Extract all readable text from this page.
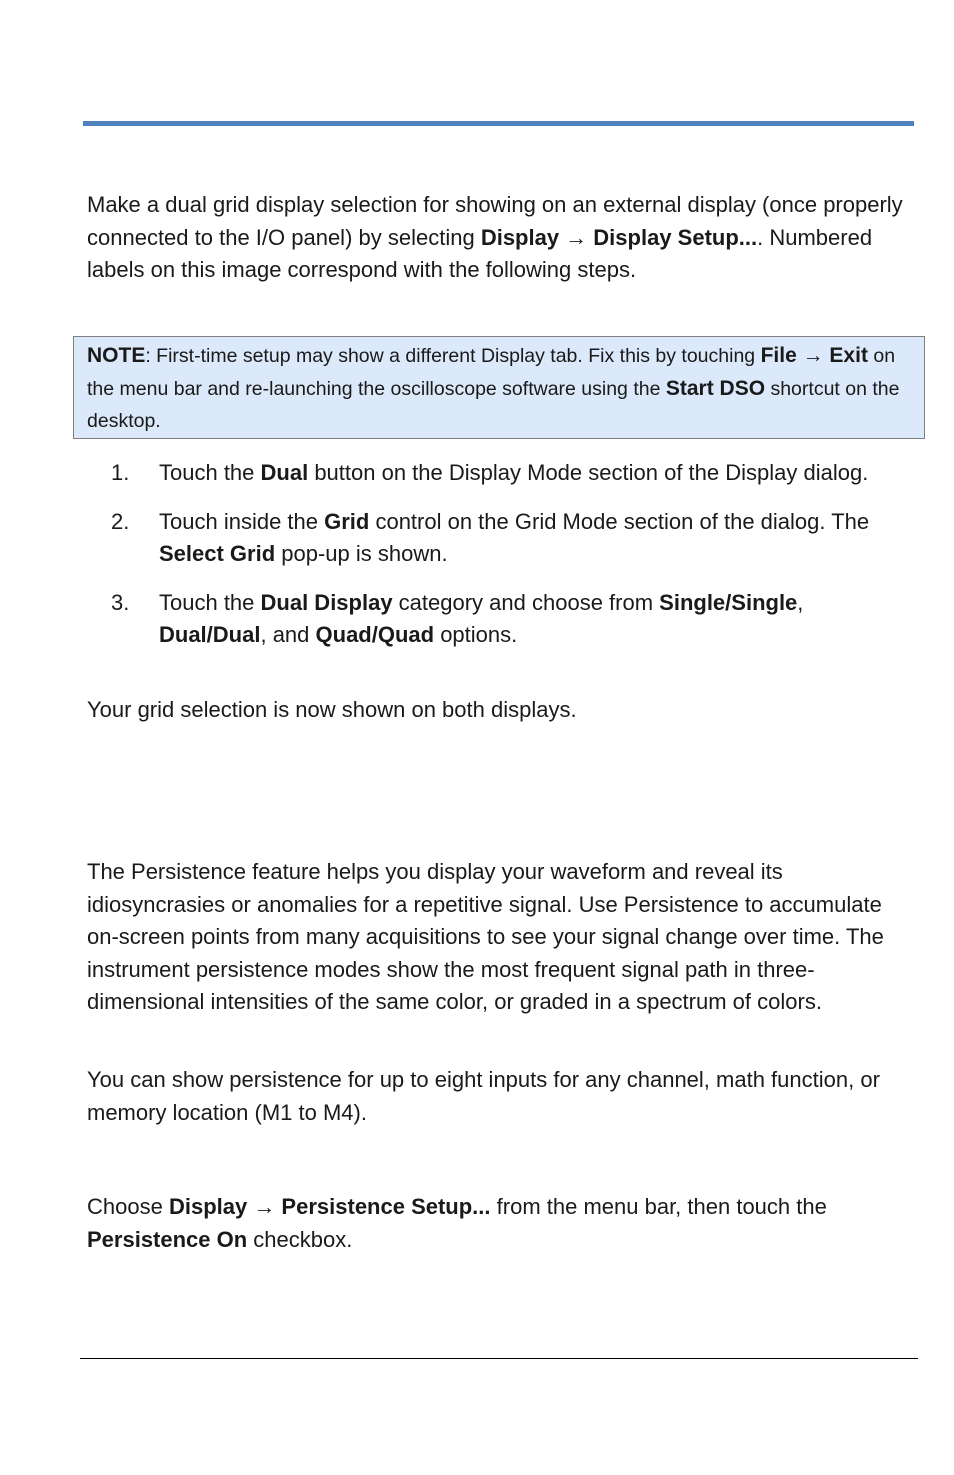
Make a dual grid display selection for showing on an external display (once properly connected to the I/O panel) by selecting Display → Display Setup.... Numbered labels on this image correspond with the following steps.

NOTE: First-time setup may show a different Display tab. Fix this by touching File → Exit on the menu bar and re-launching the oscilloscope software using the Start DSO shortcut on the desktop.
1. Touch the Dual button on the Display Mode section of the Display dialog.
2. Touch inside the Grid control on the Grid Mode section of the dialog. The Select Grid pop-up is shown.
3. Touch the Dual Display category and choose from Single/Single, Dual/Dual, and Quad/Quad options.

Your grid selection is now shown on both displays.

The Persistence feature helps you display your waveform and reveal its idiosyncrasies or anomalies for a repetitive signal. Use Persistence to accumulate on-screen points from many acquisitions to see your signal change over time. The instrument persistence modes show the most frequent signal path in three-dimensional intensities of the same color, or graded in a spectrum of colors.

You can show persistence for up to eight inputs for any channel, math function, or memory location (M1 to M4).

Choose Display → Persistence Setup... from the menu bar, then touch the Persistence On checkbox.
